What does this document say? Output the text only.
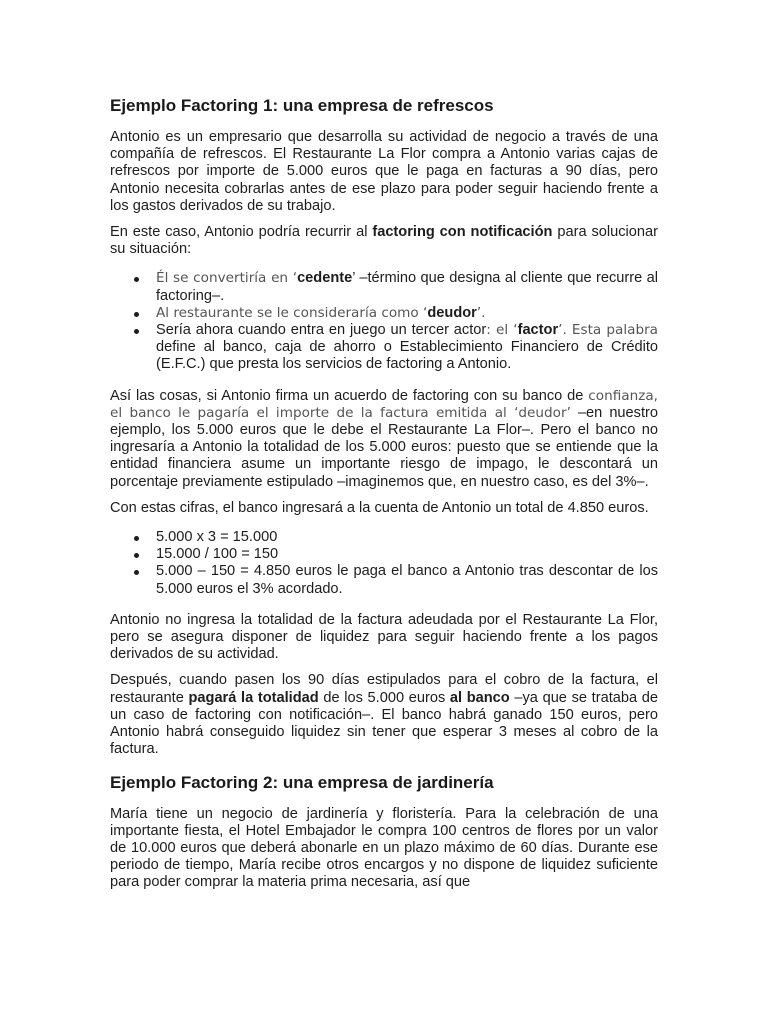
Ejemplo Factoring 1: una empresa de refrescos

Antonio es un empresario que desarrolla su actividad de negocio a través de una compañía de refrescos. El Restaurante La Flor compra a Antonio varias cajas de refrescos por importe de 5.000 euros que le paga en facturas a 90 días, pero Antonio necesita cobrarlas antes de ese plazo para poder seguir haciendo frente a los gastos derivados de su trabajo.

En este caso, Antonio podría recurrir al factoring con notificación para solucionar su situación:

Él se convertiría en ‘cedente’ –término que designa al cliente que recurre al factoring–.
Al restaurante se le consideraría como ‘deudor’.
Sería ahora cuando entra en juego un tercer actor: el ‘factor’. Esta palabra define al banco, caja de ahorro o Establecimiento Financiero de Crédito (E.F.C.) que presta los servicios de factoring a Antonio.

Así las cosas, si Antonio firma un acuerdo de factoring con su banco de confianza, el banco le pagaría el importe de la factura emitida al ‘deudor’ –en nuestro ejemplo, los 5.000 euros que le debe el Restaurante La Flor–. Pero el banco no ingresaría a Antonio la totalidad de los 5.000 euros: puesto que se entiende que la entidad financiera asume un importante riesgo de impago, le descontará un porcentaje previamente estipulado –imaginemos que, en nuestro caso, es del 3%–.

Con estas cifras, el banco ingresará a la cuenta de Antonio un total de 4.850 euros.

5.000 x 3 = 15.000
15.000 / 100 = 150
5.000 – 150 = 4.850 euros le paga el banco a Antonio tras descontar de los 5.000 euros el 3% acordado.

Antonio no ingresa la totalidad de la factura adeudada por el Restaurante La Flor, pero se asegura disponer de liquidez para seguir haciendo frente a los pagos derivados de su actividad.

Después, cuando pasen los 90 días estipulados para el cobro de la factura, el restaurante pagará la totalidad de los 5.000 euros al banco –ya que se trataba de un caso de factoring con notificación–. El banco habrá ganado 150 euros, pero Antonio habrá conseguido liquidez sin tener que esperar 3 meses al cobro de la factura.

Ejemplo Factoring 2: una empresa de jardinería

María tiene un negocio de jardinería y floristería. Para la celebración de una importante fiesta, el Hotel Embajador le compra 100 centros de flores por un valor de 10.000 euros que deberá abonarle en un plazo máximo de 60 días. Durante ese periodo de tiempo, María recibe otros encargos y no dispone de liquidez suficiente para poder comprar la materia prima necesaria, así que
